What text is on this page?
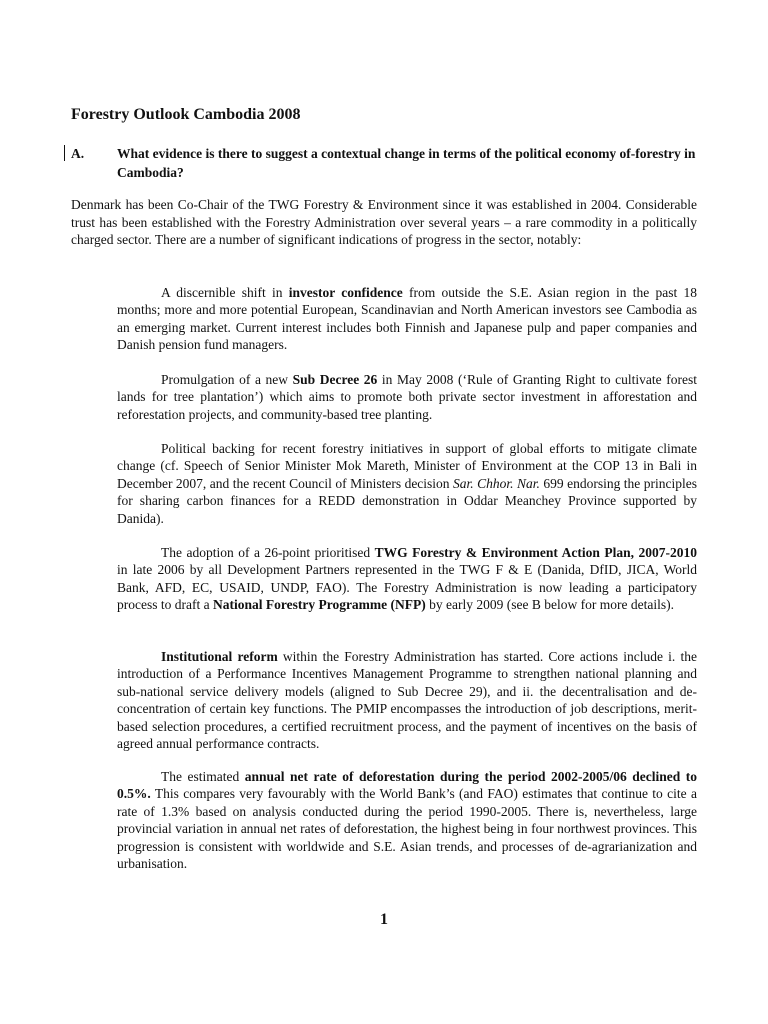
Forestry Outlook Cambodia 2008
A.	What evidence is there to suggest a contextual change in terms of the political economy of-forestry in Cambodia?

Denmark has been Co-Chair of the TWG Forestry & Environment since it was established in 2004. Considerable trust has been established with the Forestry Administration over several years – a rare commodity in a politically charged sector. There are a number of significant indications of progress in the sector, notably:

A discernible shift in investor confidence from outside the S.E. Asian region in the past 18 months; more and more potential European, Scandinavian and North American investors see Cambodia as an emerging market. Current interest includes both Finnish and Japanese pulp and paper companies and Danish pension fund managers.

Promulgation of a new Sub Decree 26 in May 2008 (‘Rule of Granting Right to cultivate forest lands for tree plantation’) which aims to promote both private sector investment in afforestation and reforestation projects, and community-based tree planting.

Political backing for recent forestry initiatives in support of global efforts to mitigate climate change (cf. Speech of Senior Minister Mok Mareth, Minister of Environment at the COP 13 in Bali in December 2007, and the recent Council of Ministers decision Sar. Chhor. Nar. 699 endorsing the principles for sharing carbon finances for a REDD demonstration in Oddar Meanchey Province supported by Danida).

The adoption of a 26-point prioritised TWG Forestry & Environment Action Plan, 2007-2010 in late 2006 by all Development Partners represented in the TWG F & E (Danida, DfID, JICA, World Bank, AFD, EC, USAID, UNDP, FAO). The Forestry Administration is now leading a participatory process to draft a National Forestry Programme (NFP) by early 2009 (see B below for more details).

Institutional reform within the Forestry Administration has started. Core actions include i. the introduction of a Performance Incentives Management Programme to strengthen national planning and sub-national service delivery models (aligned to Sub Decree 29), and ii. the decentralisation and de-concentration of certain key functions. The PMIP encompasses the introduction of job descriptions, merit-based selection procedures, a certified recruitment process, and the payment of incentives on the basis of agreed annual performance contracts.

The estimated annual net rate of deforestation during the period 2002-2005/06 declined to 0.5%. This compares very favourably with the World Bank’s (and FAO) estimates that continue to cite a rate of 1.3% based on analysis conducted during the period 1990-2005. There is, nevertheless, large provincial variation in annual net rates of deforestation, the highest being in four northwest provinces. This progression is consistent with worldwide and S.E. Asian trends, and processes of de-agrarianization and urbanisation.

1
